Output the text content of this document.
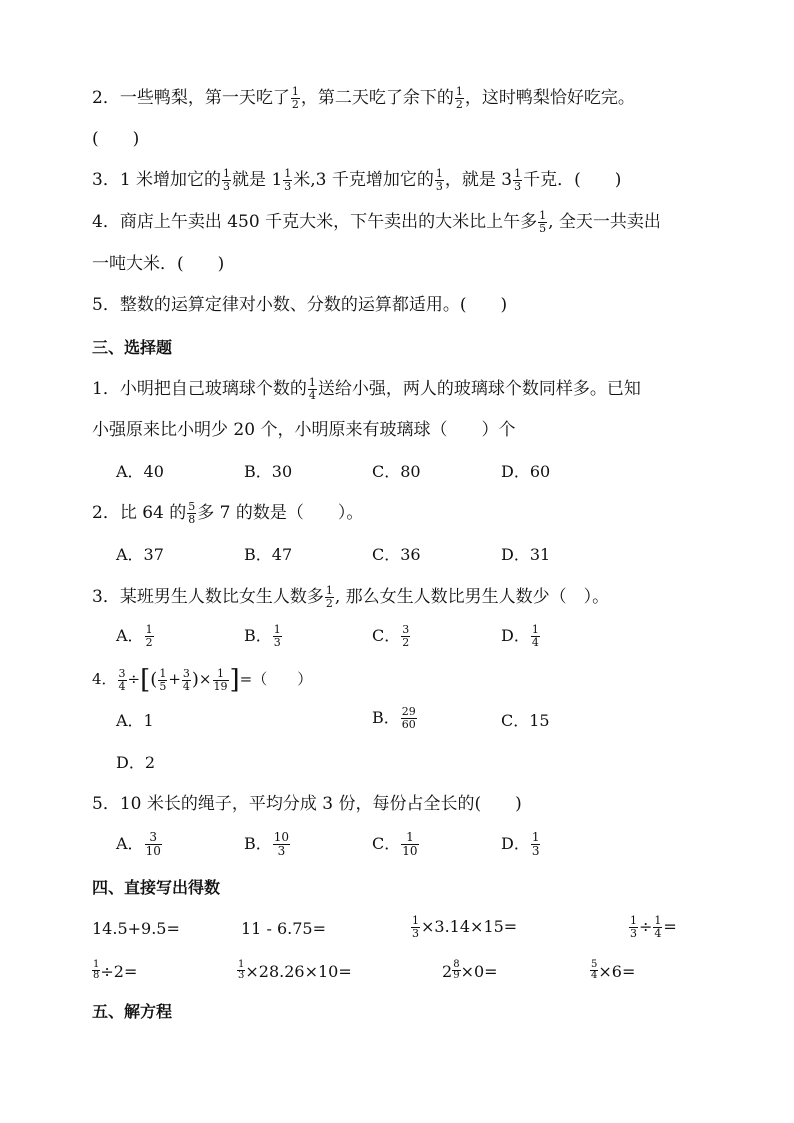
2．一些鸭梨，第一天吃了 $\frac{1}{2}$ ，第二天吃了余下的 $\frac{1}{2}$ ，这时鸭梨恰好吃完。
(　　)
3．1 米增加它的 $\frac{1}{3}$ 就是 $1 \frac{1}{3}$ 米,3 千克增加它的 $\frac{1}{3}$ ，就是 $3 \frac{1}{3}$ 千克．(　　)
4．商店上午卖出 450 千克大米，下午卖出的大米比上午多 $\frac{1}{5}$ , 全天一共卖出
一吨大米．(　　)
5．整数的运算定律对小数、分数的运算都适用。(　　)
三、选择题
1．小明把自己玻璃球个数的 $\frac{1}{4}$ 送给小强，两人的玻璃球个数同样多。已知
小强原来比小明少 20 个，小明原来有玻璃球（　　）个
A．40	B．30	C．80	D．60
2．比 64 的 $\frac{5}{8}$ 多 7 的数是（　　）。
A．37	B．47	C．36	D．31
3．某班男生人数比女生人数多 $\frac{1}{2}$ , 那么女生人数比男生人数少（　）。
A． $\frac{1}{2}$	B． $\frac{1}{3}$	C． $\frac{3}{2}$	D． $\frac{1}{4}$
4． $\frac{3}{4}$ ÷[( $\frac{1}{5} + \frac{3}{4}$ )× $\frac{1}{19}$ ]=（　　）
A．1	B． $\frac{29}{60}$	C．15
D．2
5．10 米长的绳子，平均分成 3 份，每份占全长的(　　)
A． $\frac{3}{10}$	B． $\frac{10}{3}$	C． $\frac{1}{10}$	D． $\frac{1}{3}$
四、直接写出得数
14.5+9.5=	11 - 6.75=	$\frac{1}{3} \times 3.14\times 15=$	$\frac{1}{3} \div \frac{1}{4}$ =
$\frac{1}{8} \div 2=$	$\frac{1}{3} \times 28.26\times 10=$	$2 \frac{8}{9} \times 0=$	$\frac{5}{4} \times 6=$
五、解方程
